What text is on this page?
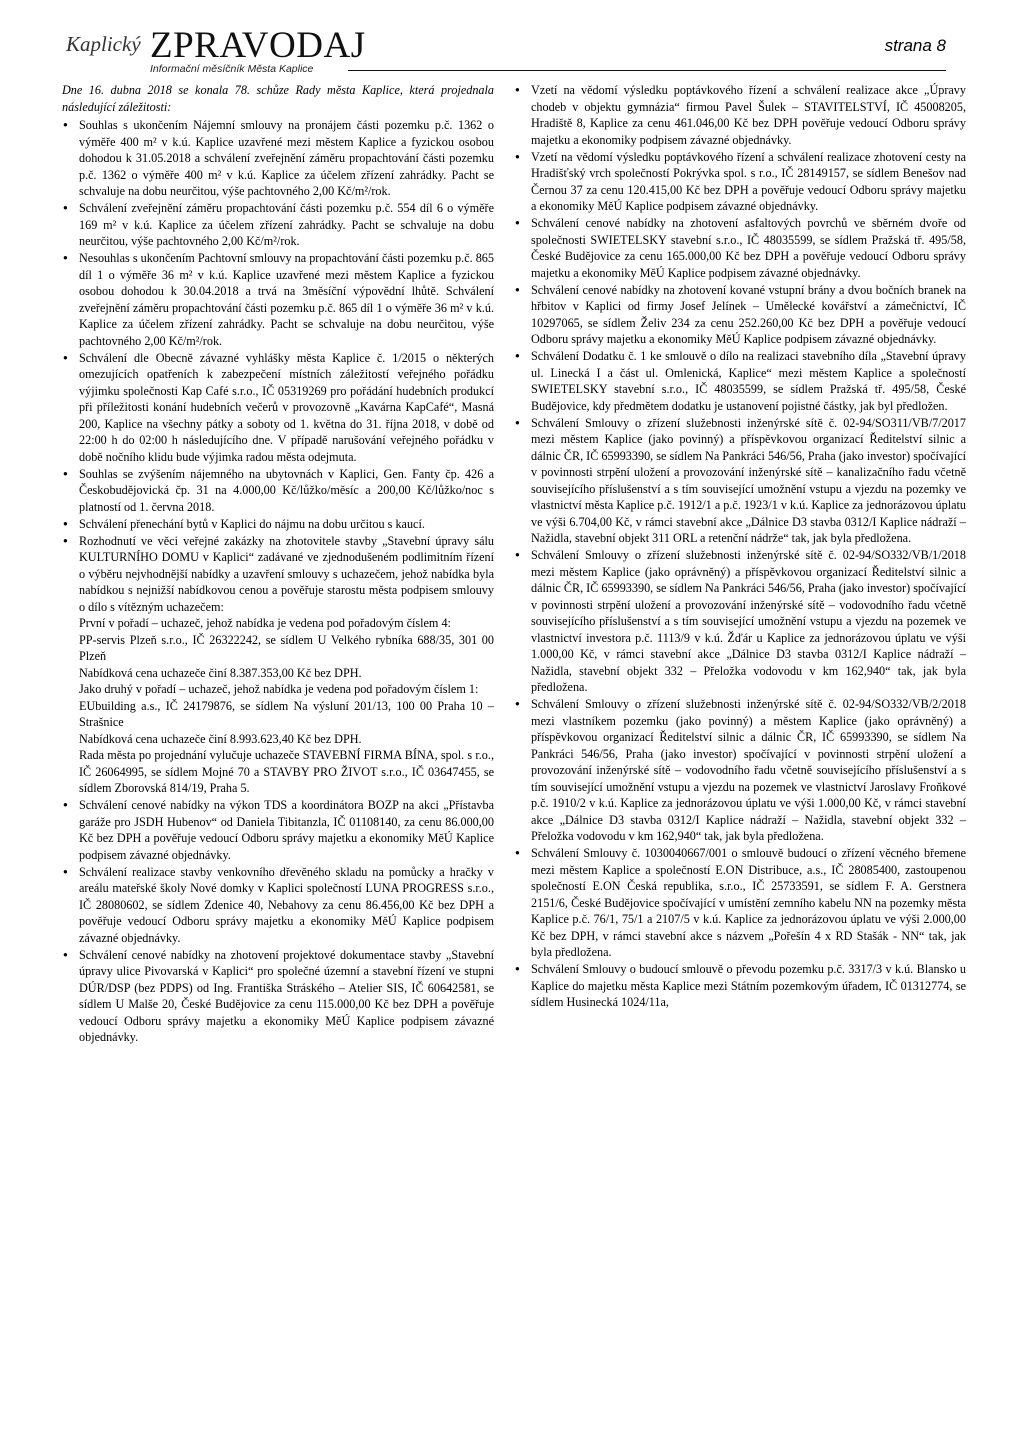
Kaplický ZPRAVODAJ
Informační měsíčník Města Kaplice
strana 8

Dne 16. dubna 2018 se konala 78. schůze Rady města Kaplice, která projednala následující záležitosti:

● Souhlas s ukončením Nájemní smlouvy na pronájem části pozemku p.č. 1362 o výměře 400 m² v k.ú. Kaplice uzavřené mezi městem Kaplice a fyzickou osobou dohodou k 31.05.2018 a schválení zveřejnění záměru propachtování části pozemku p.č. 1362 o výměře 400 m² v k.ú. Kaplice za účelem zřízení zahrádky. Pacht se schvaluje na dobu neurčitou, výše pachtovného 2,00 Kč/m²/rok.
● Schválení zveřejnění záměru propachtování části pozemku p.č. 554 díl 6 o výměře 169 m² v k.ú. Kaplice za účelem zřízení zahrádky. Pacht se schvaluje na dobu neurčitou, výše pachtovného 2,00 Kč/m²/rok.
● Nesouhlas s ukončením Pachtovní smlouvy na propachtování části pozemku p.č. 865 díl 1 o výměře 36 m² v k.ú. Kaplice uzavřené mezi městem Kaplice a fyzickou osobou dohodou k 30.04.2018 a trvá na 3měsíční výpovědní lhůtě. Schválení zveřejnění záměru propachtování části pozemku p.č. 865 díl 1 o výměře 36 m² v k.ú. Kaplice za účelem zřízení zahrádky. Pacht se schvaluje na dobu neurčitou, výše pachtovného 2,00 Kč/m²/rok.
● Schválení dle Obecně závazné vyhlášky města Kaplice č. 1/2015 o některých omezujících opatřeních k zabezpečení místních záležitostí veřejného pořádku výjimku společnosti Kap Café s.r.o., IČ 05319269 pro pořádání hudebních produkcí při příležitosti konání hudebních večerů v provozovně „Kavárna KapCafé“, Masná 200, Kaplice na všechny pátky a soboty od 1. května do 31. října 2018, v době od 22:00 h do 02:00 h následujícího dne. V případě narušování veřejného pořádku v době nočního klidu bude výjimka radou města odejmuta.
● Souhlas se zvýšením nájemného na ubytovnách v Kaplici, Gen. Fanty čp. 426 a Českobudějovická čp. 31 na 4.000,00 Kč/lůžko/měsíc a 200,00 Kč/lůžko/noc s platností od 1. června 2018.
● Schválení přenechání bytů v Kaplici do nájmu na dobu určitou s kaucí.
● Rozhodnutí ve věci veřejné zakázky na zhotovitele stavby „Stavební úpravy sálu KULTURNÍHO DOMU v Kaplici“ zadávané ve zjednodušeném podlimitním řízení o výběru nejvhodnější nabídky a uzavření smlouvy s uchazečem, jehož nabídka byla nabídkou s nejnižší nabídkovou cenou a pověřuje starostu města podpisem smlouvy o dílo s vítězným uchazečem:
První v pořadí – uchazeč, jehož nabídka je vedena pod pořadovým číslem 4:
PP-servis Plzeň s.r.o., IČ 26322242, se sídlem U Velkého rybníka 688/35, 301 00 Plzeň
Nabídková cena uchazeče činí 8.387.353,00 Kč bez DPH.
Jako druhý v pořadí – uchazeč, jehož nabídka je vedena pod pořadovým číslem 1:
EUbuilding a.s., IČ 24179876, se sídlem Na výsluní 201/13, 100 00 Praha 10 – Strašnice
Nabídková cena uchazeče činí 8.993.623,40 Kč bez DPH.
Rada města po projednání vylučuje uchazeče STAVEBNÍ FIRMA BÍNA, spol. s r.o., IČ 26064995, se sídlem Mojné 70 a STAVBY PRO ŽIVOT s.r.o., IČ 03647455, se sídlem Zborovská 814/19, Praha 5.
● Schválení cenové nabídky na výkon TDS a koordinátora BOZP na akci „Přístavba garáže pro JSDH Hubenov“ od Daniela Tibitanzla, IČ 01108140, za cenu 86.000,00 Kč bez DPH a pověřuje vedoucí Odboru správy majetku a ekonomiky MěÚ Kaplice podpisem závazné objednávky.
● Schválení realizace stavby venkovního dřevěného skladu na pomůcky a hračky v areálu mateřské školy Nové domky v Kaplici společností LUNA PROGRESS s.r.o., IČ 28080602, se sídlem Zdenice 40, Nebahovy za cenu 86.456,00 Kč bez DPH a pověřuje vedoucí Odboru správy majetku a ekonomiky MěÚ Kaplice podpisem závazné objednávky.
● Schválení cenové nabídky na zhotovení projektové dokumentace stavby „Stavební úpravy ulice Pivovarská v Kaplici“ pro společné územní a stavební řízení ve stupni DÚR/DSP (bez PDPS) od Ing. Františka Stráského – Atelier SIS, IČ 60642581, se sídlem U Malše 20, České Budějovice za cenu 115.000,00 Kč bez DPH a pověřuje vedoucí Odboru správy majetku a ekonomiky MěÚ Kaplice podpisem závazné objednávky.
● Vzetí na vědomí výsledku poptávkového řízení a schválení realizace akce „Úpravy chodeb v objektu gymnázia“ firmou Pavel Šulek – STAVITELSTVÍ, IČ 45008205, Hradiště 8, Kaplice za cenu 461.046,00 Kč bez DPH pověřuje vedoucí Odboru správy majetku a ekonomiky podpisem závazné objednávky.
● Vzetí na vědomí výsledku poptávkového řízení a schválení realizace zhotovení cesty na Hradišťský vrch společností Pokrývka spol. s r.o., IČ 28149157, se sídlem Benešov nad Černou 37 za cenu 120.415,00 Kč bez DPH a pověřuje vedoucí Odboru správy majetku a ekonomiky MěÚ Kaplice podpisem závazné objednávky.
● Schválení cenové nabídky na zhotovení asfaltových povrchů ve sběrném dvoře od společnosti SWIETELSKY stavební s.r.o., IČ 48035599, se sídlem Pražská tř. 495/58, České Budějovice za cenu 165.000,00 Kč bez DPH a pověřuje vedoucí Odboru správy majetku a ekonomiky MěÚ Kaplice podpisem závazné objednávky.
● Schválení cenové nabídky na zhotovení kované vstupní brány a dvou bočních branek na hřbitov v Kaplici od firmy Josef Jelínek – Umělecké kovářství a zámečnictví, IČ 10297065, se sídlem Želiv 234 za cenu 252.260,00 Kč bez DPH a pověřuje vedoucí Odboru správy majetku a ekonomiky MěÚ Kaplice podpisem závazné objednávky.
● Schválení Dodatku č. 1 ke smlouvě o dílo na realizaci stavebního díla „Stavební úpravy ul. Linecká I a část ul. Omlenická, Kaplice“ mezi městem Kaplice a společností SWIETELSKY stavební s.r.o., IČ 48035599, se sídlem Pražská tř. 495/58, České Budějovice, kdy předmětem dodatku je ustanovení pojistné částky, jak byl předložen.
● Schválení Smlouvy o zřízení služebnosti inženýrské sítě č. 02-94/SO311/VB/7/2017 mezi městem Kaplice (jako povinný) a příspěvkovou organizací Ředitelství silnic a dálnic ČR, IČ 65993390, se sídlem Na Pankráci 546/56, Praha (jako investor) spočívající v povinnosti strpění uložení a provozování inženýrské sítě – kanalizačního řadu včetně souvisejícího příslušenství a s tím související umožnění vstupu a vjezdu na pozemky ve vlastnictví města Kaplice p.č. 1912/1 a p.č. 1923/1 v k.ú. Kaplice za jednorázovou úplatu ve výši 6.704,00 Kč, v rámci stavební akce „Dálnice D3 stavba 0312/I Kaplice nádraží – Nažidla, stavební objekt 311 ORL a retenční nádrže“ tak, jak byla předložena.
● Schválení Smlouvy o zřízení služebnosti inženýrské sítě č. 02-94/SO332/VB/1/2018 mezi městem Kaplice (jako oprávněný) a příspěvkovou organizací Ředitelství silnic a dálnic ČR, IČ 65993390, se sídlem Na Pankráci 546/56, Praha (jako investor) spočívající v povinnosti strpění uložení a provozování inženýrské sítě – vodovodního řadu včetně souvisejícího příslušenství a s tím související umožnění vstupu a vjezdu na pozemek ve vlastnictví investora p.č. 1113/9 v k.ú. Žďár u Kaplice za jednorázovou úplatu ve výši 1.000,00 Kč, v rámci stavební akce „Dálnice D3 stavba 0312/I Kaplice nádraží – Nažidla, stavební objekt 332 – Přeložka vodovodu v km 162,940“ tak, jak byla předložena.
● Schválení Smlouvy o zřízení služebnosti inženýrské sítě č. 02-94/SO332/VB/2/2018 mezi vlastníkem pozemku (jako povinný) a městem Kaplice (jako oprávněný) a příspěvkovou organizací Ředitelství silnic a dálnic ČR, IČ 65993390, se sídlem Na Pankráci 546/56, Praha (jako investor) spočívající v povinnosti strpění uložení a provozování inženýrské sítě – vodovodního řadu včetně souvisejícího příslušenství a s tím související umožnění vstupu a vjezdu na pozemek ve vlastnictví Jaroslavy Froňkové p.č. 1910/2 v k.ú. Kaplice za jednorázovou úplatu ve výši 1.000,00 Kč, v rámci stavební akce „Dálnice D3 stavba 0312/I Kaplice nádraží – Nažidla, stavební objekt 332 – Přeložka vodovodu v km 162,940“ tak, jak byla předložena.
● Schválení Smlouvy č. 1030040667/001 o smlouvě budoucí o zřízení věcného břemene mezi městem Kaplice a společností E.ON Distribuce, a.s., IČ 28085400, zastoupenou společností E.ON Česká republika, s.r.o., IČ 25733591, se sídlem F. A. Gerstnera 2151/6, České Budějovice spočívající v umístění zemního kabelu NN na pozemky města Kaplice p.č. 76/1, 75/1 a 2107/5 v k.ú. Kaplice za jednorázovou úplatu ve výši 2.000,00 Kč bez DPH, v rámci stavební akce s názvem „Pořešín 4 x RD Stašák - NN“ tak, jak byla předložena.
● Schválení Smlouvy o budoucí smlouvě o převodu pozemku p.č. 3317/3 v k.ú. Blansko u Kaplice do majetku města Kaplice mezi Státním pozemkovým úřadem, IČ 01312774, se sídlem Husinecká 1024/11a,
